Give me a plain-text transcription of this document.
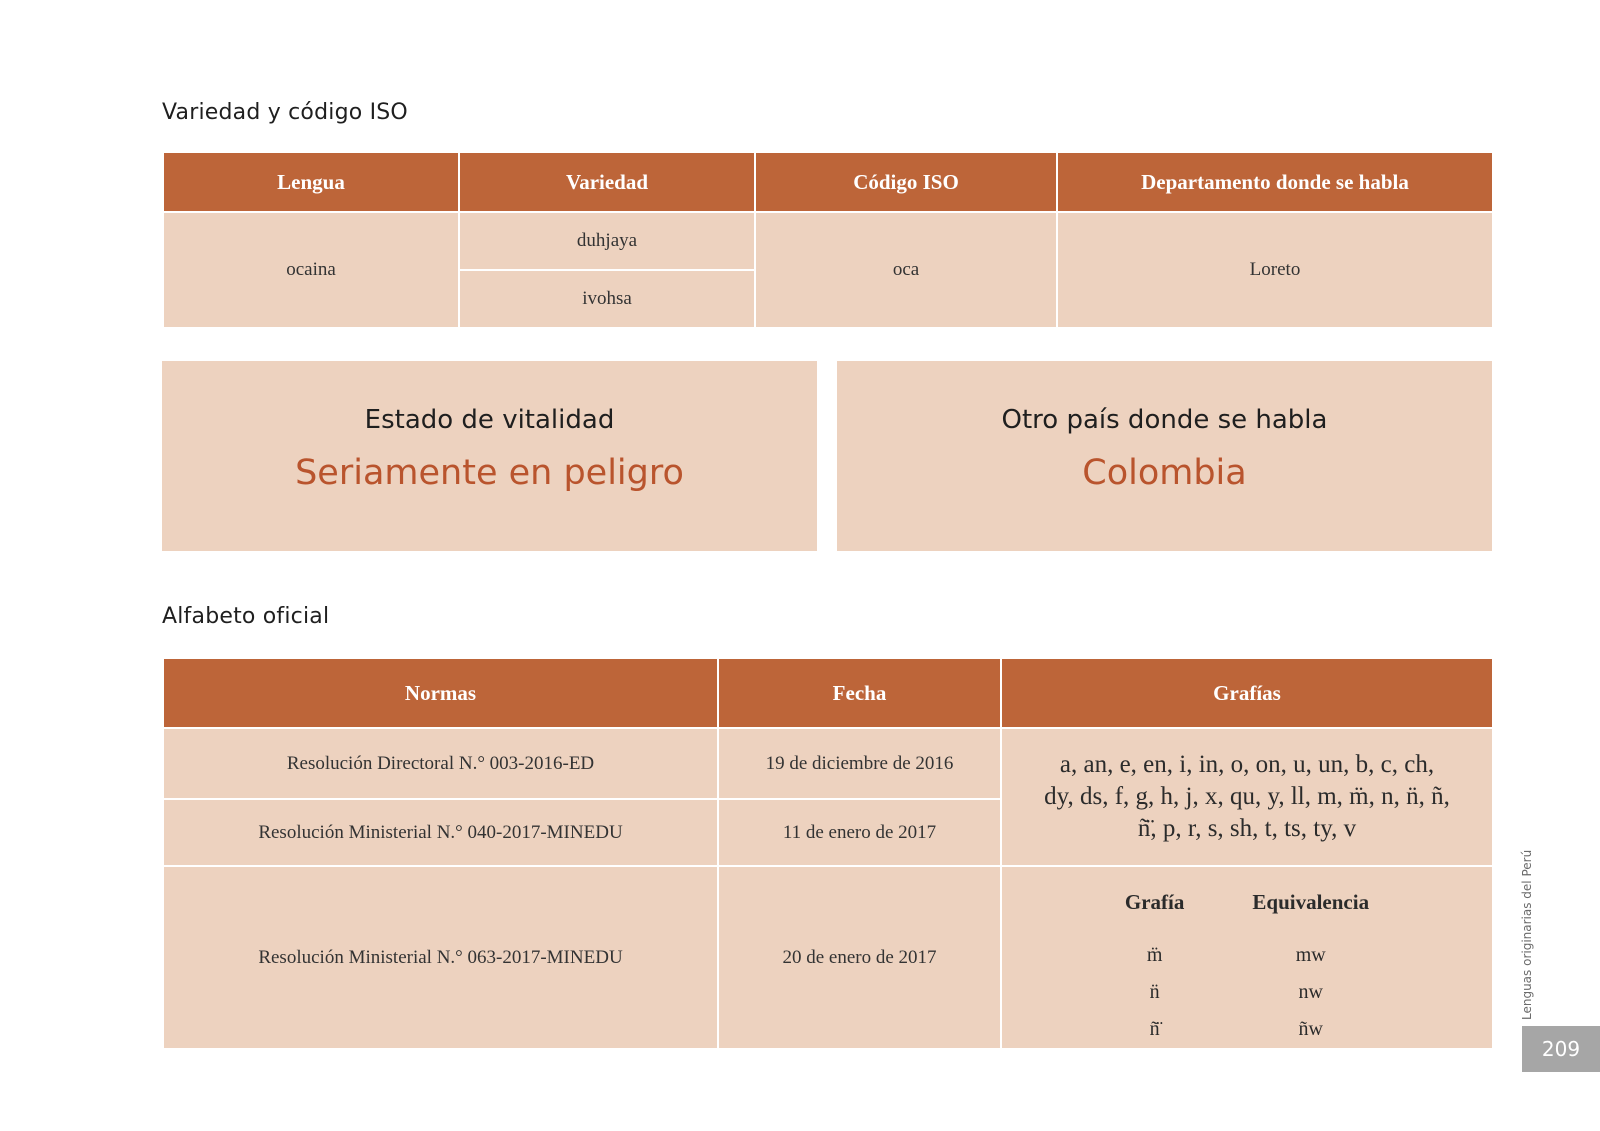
Variedad y código ISO
Lengua	Variedad	Código ISO	Departamento donde se habla
ocaina	duhjaya	oca	Loreto
	ivohsa		
Estado de vitalidad
Seriamente en peligro
Otro país donde se habla
Colombia
Alfabeto oficial
Normas	Fecha	Grafías
Resolución Directoral N.° 003-2016-ED	19 de diciembre de 2016	a, an, e, en, i, in, o, on, u, un, b, c, ch,
dy, ds, f, g, h, j, x, qu, y, ll, m, m̈, n, n̈, ñ,
ñ̈, p, r, s, sh, t, ts, ty, v

Resolución Ministerial N.° 040-2017-MINEDU	11 de enero de 2017
Resolución Ministerial N.° 063-2017-MINEDU	20 de enero de 2017	
Grafía	Equivalencia
m̈	mw
n̈	nw
ñ̈	ñw
Lenguas originarias del Perú
209
